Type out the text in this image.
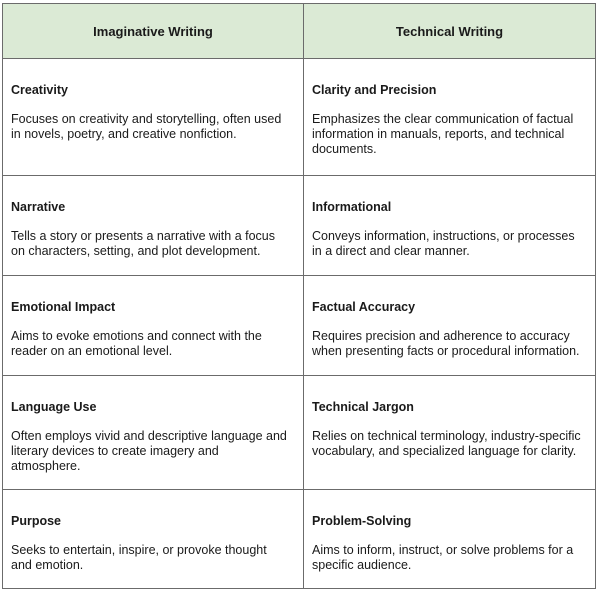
Imaginative Writing	Technical Writing
Creativity
Focuses on creativity and storytelling, often used in novels, poetry, and creative nonfiction.
Clarity and Precision
Emphasizes the clear communication of factual information in manuals, reports, and technical documents.
Narrative
Tells a story or presents a narrative with a focus on characters, setting, and plot development.
Informational
Conveys information, instructions, or processes in a direct and clear manner.
Emotional Impact
Aims to evoke emotions and connect with the reader on an emotional level.
Factual Accuracy
Requires precision and adherence to accuracy when presenting facts or procedural information.
Language Use
Often employs vivid and descriptive language and literary devices to create imagery and atmosphere.
Technical Jargon
Relies on technical terminology, industry-specific vocabulary, and specialized language for clarity.
Purpose
Seeks to entertain, inspire, or provoke thought and emotion.
Problem-Solving
Aims to inform, instruct, or solve problems for a specific audience.
